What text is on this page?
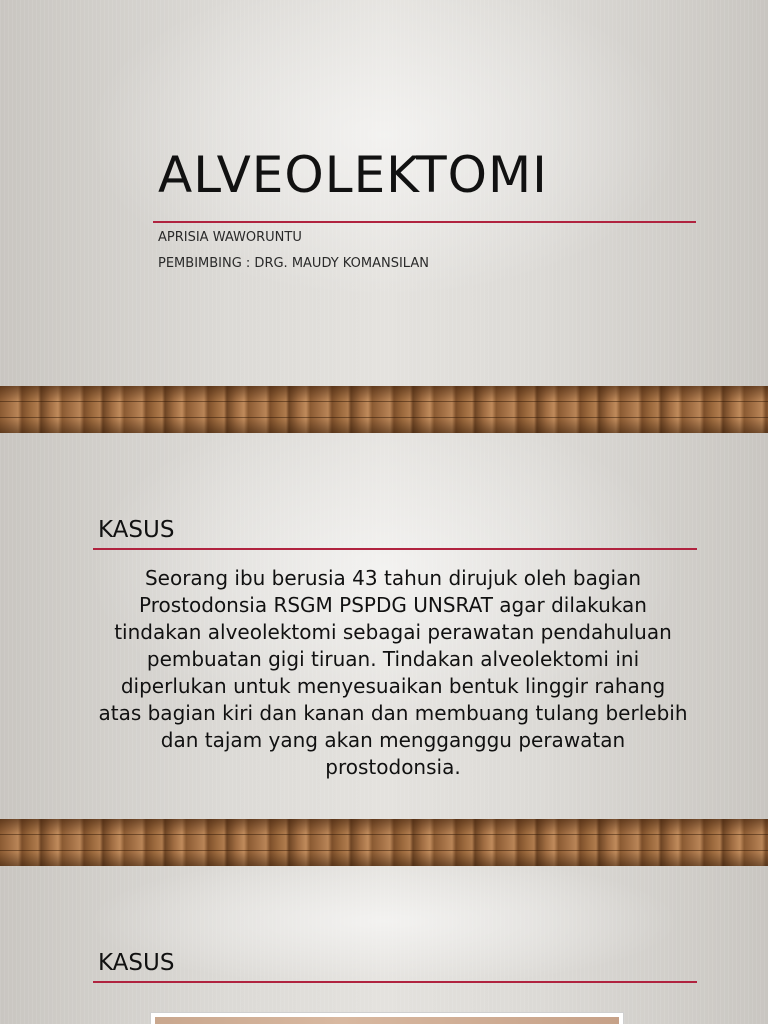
ALVEOLEKTOMI
APRISIA WAWORUNTU
PEMBIMBING : DRG. MAUDY KOMANSILAN
KASUS

Seorang ibu berusia 43 tahun dirujuk oleh bagian Prostodonsia RSGM PSPDG UNSRAT agar dilakukan tindakan alveolektomi sebagai perawatan pendahuluan pembuatan gigi tiruan. Tindakan alveolektomi ini diperlukan untuk menyesuaikan bentuk linggir rahang atas bagian kiri dan kanan dan membuang tulang berlebih dan tajam yang akan mengganggu perawatan prostodonsia.

KASUS
